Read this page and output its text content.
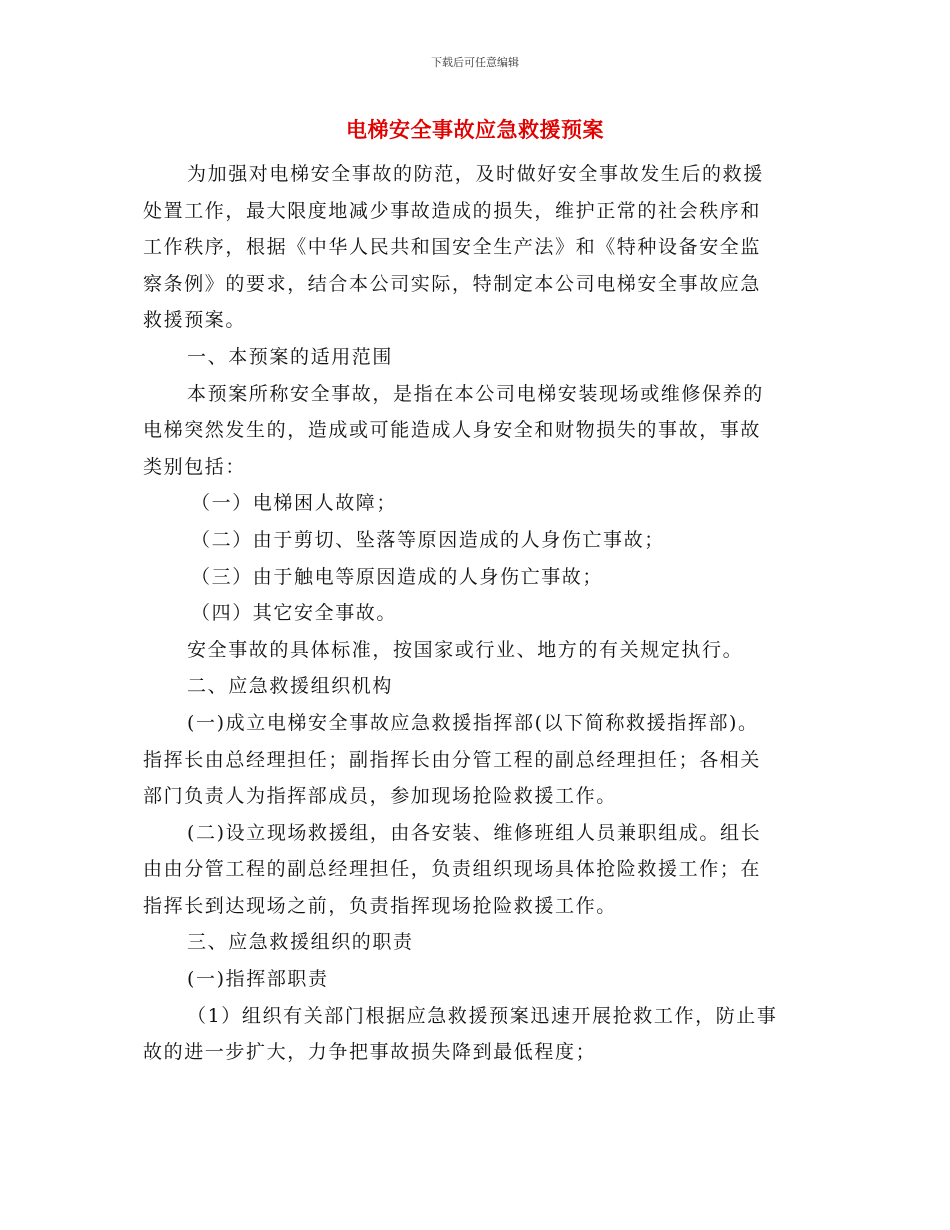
下载后可任意编辑
电梯安全事故应急救援预案

为加强对电梯安全事故的防范，及时做好安全事故发生后的救援

处置工作，最大限度地减少事故造成的损失，维护正常的社会秩序和

工作秩序，根据《中华人民共和国安全生产法》和《特种设备安全监

察条例》的要求，结合本公司实际，特制定本公司电梯安全事故应急

救援预案。

一、本预案的适用范围

本预案所称安全事故，是指在本公司电梯安装现场或维修保养的

电梯突然发生的，造成或可能造成人身安全和财物损失的事故，事故

类别包括：

（一）电梯困人故障；

（二）由于剪切、坠落等原因造成的人身伤亡事故；

（三）由于触电等原因造成的人身伤亡事故；

（四）其它安全事故。

安全事故的具体标准，按国家或行业、地方的有关规定执行。

二、应急救援组织机构

(一)成立电梯安全事故应急救援指挥部(以下简称救援指挥部)。

指挥长由总经理担任；副指挥长由分管工程的副总经理担任；各相关

部门负责人为指挥部成员，参加现场抢险救援工作。

(二)设立现场救援组，由各安装、维修班组人员兼职组成。组长

由由分管工程的副总经理担任，负责组织现场具体抢险救援工作；在

指挥长到达现场之前，负责指挥现场抢险救援工作。

三、应急救援组织的职责

(一)指挥部职责

（1）组织有关部门根据应急救援预案迅速开展抢救工作，防止事

故的进一步扩大，力争把事故损失降到最低程度；
